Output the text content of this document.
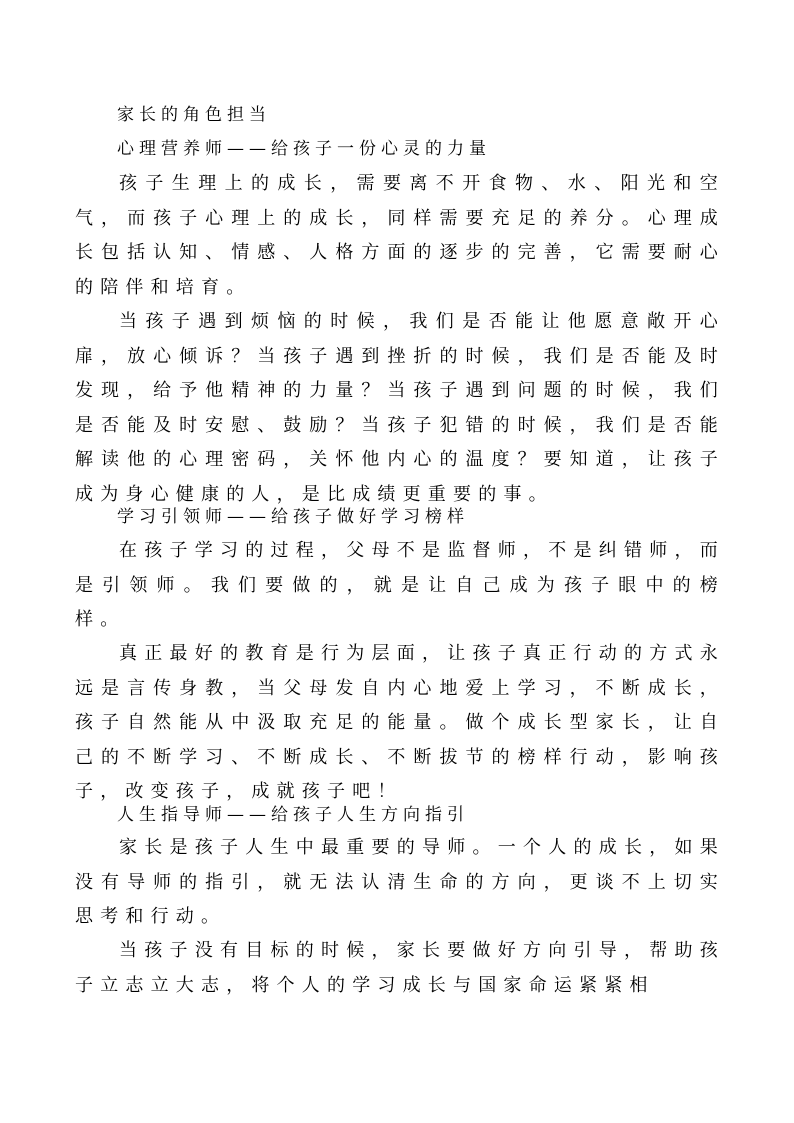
家长的角色担当

心理营养师——给孩子一份心灵的力量

孩子生理上的成长，需要离不开食物、水、阳光和空气，而孩子心理上的成长，同样需要充足的养分。心理成长包括认知、情感、人格方面的逐步的完善，它需要耐心的陪伴和培育。

当孩子遇到烦恼的时候，我们是否能让他愿意敞开心扉，放心倾诉？当孩子遇到挫折的时候，我们是否能及时发现，给予他精神的力量？当孩子遇到问题的时候，我们是否能及时安慰、鼓励？当孩子犯错的时候，我们是否能解读他的心理密码，关怀他内心的温度？要知道，让孩子成为身心健康的人，是比成绩更重要的事。

学习引领师——给孩子做好学习榜样

在孩子学习的过程，父母不是监督师，不是纠错师，而是引领师。我们要做的，就是让自己成为孩子眼中的榜样。

真正最好的教育是行为层面，让孩子真正行动的方式永远是言传身教，当父母发自内心地爱上学习，不断成长，孩子自然能从中汲取充足的能量。做个成长型家长，让自己的不断学习、不断成长、不断拔节的榜样行动，影响孩子，改变孩子，成就孩子吧！

人生指导师——给孩子人生方向指引

家长是孩子人生中最重要的导师。一个人的成长，如果没有导师的指引，就无法认清生命的方向，更谈不上切实思考和行动。

当孩子没有目标的时候，家长要做好方向引导，帮助孩子立志立大志，将个人的学习成长与国家命运紧紧相
